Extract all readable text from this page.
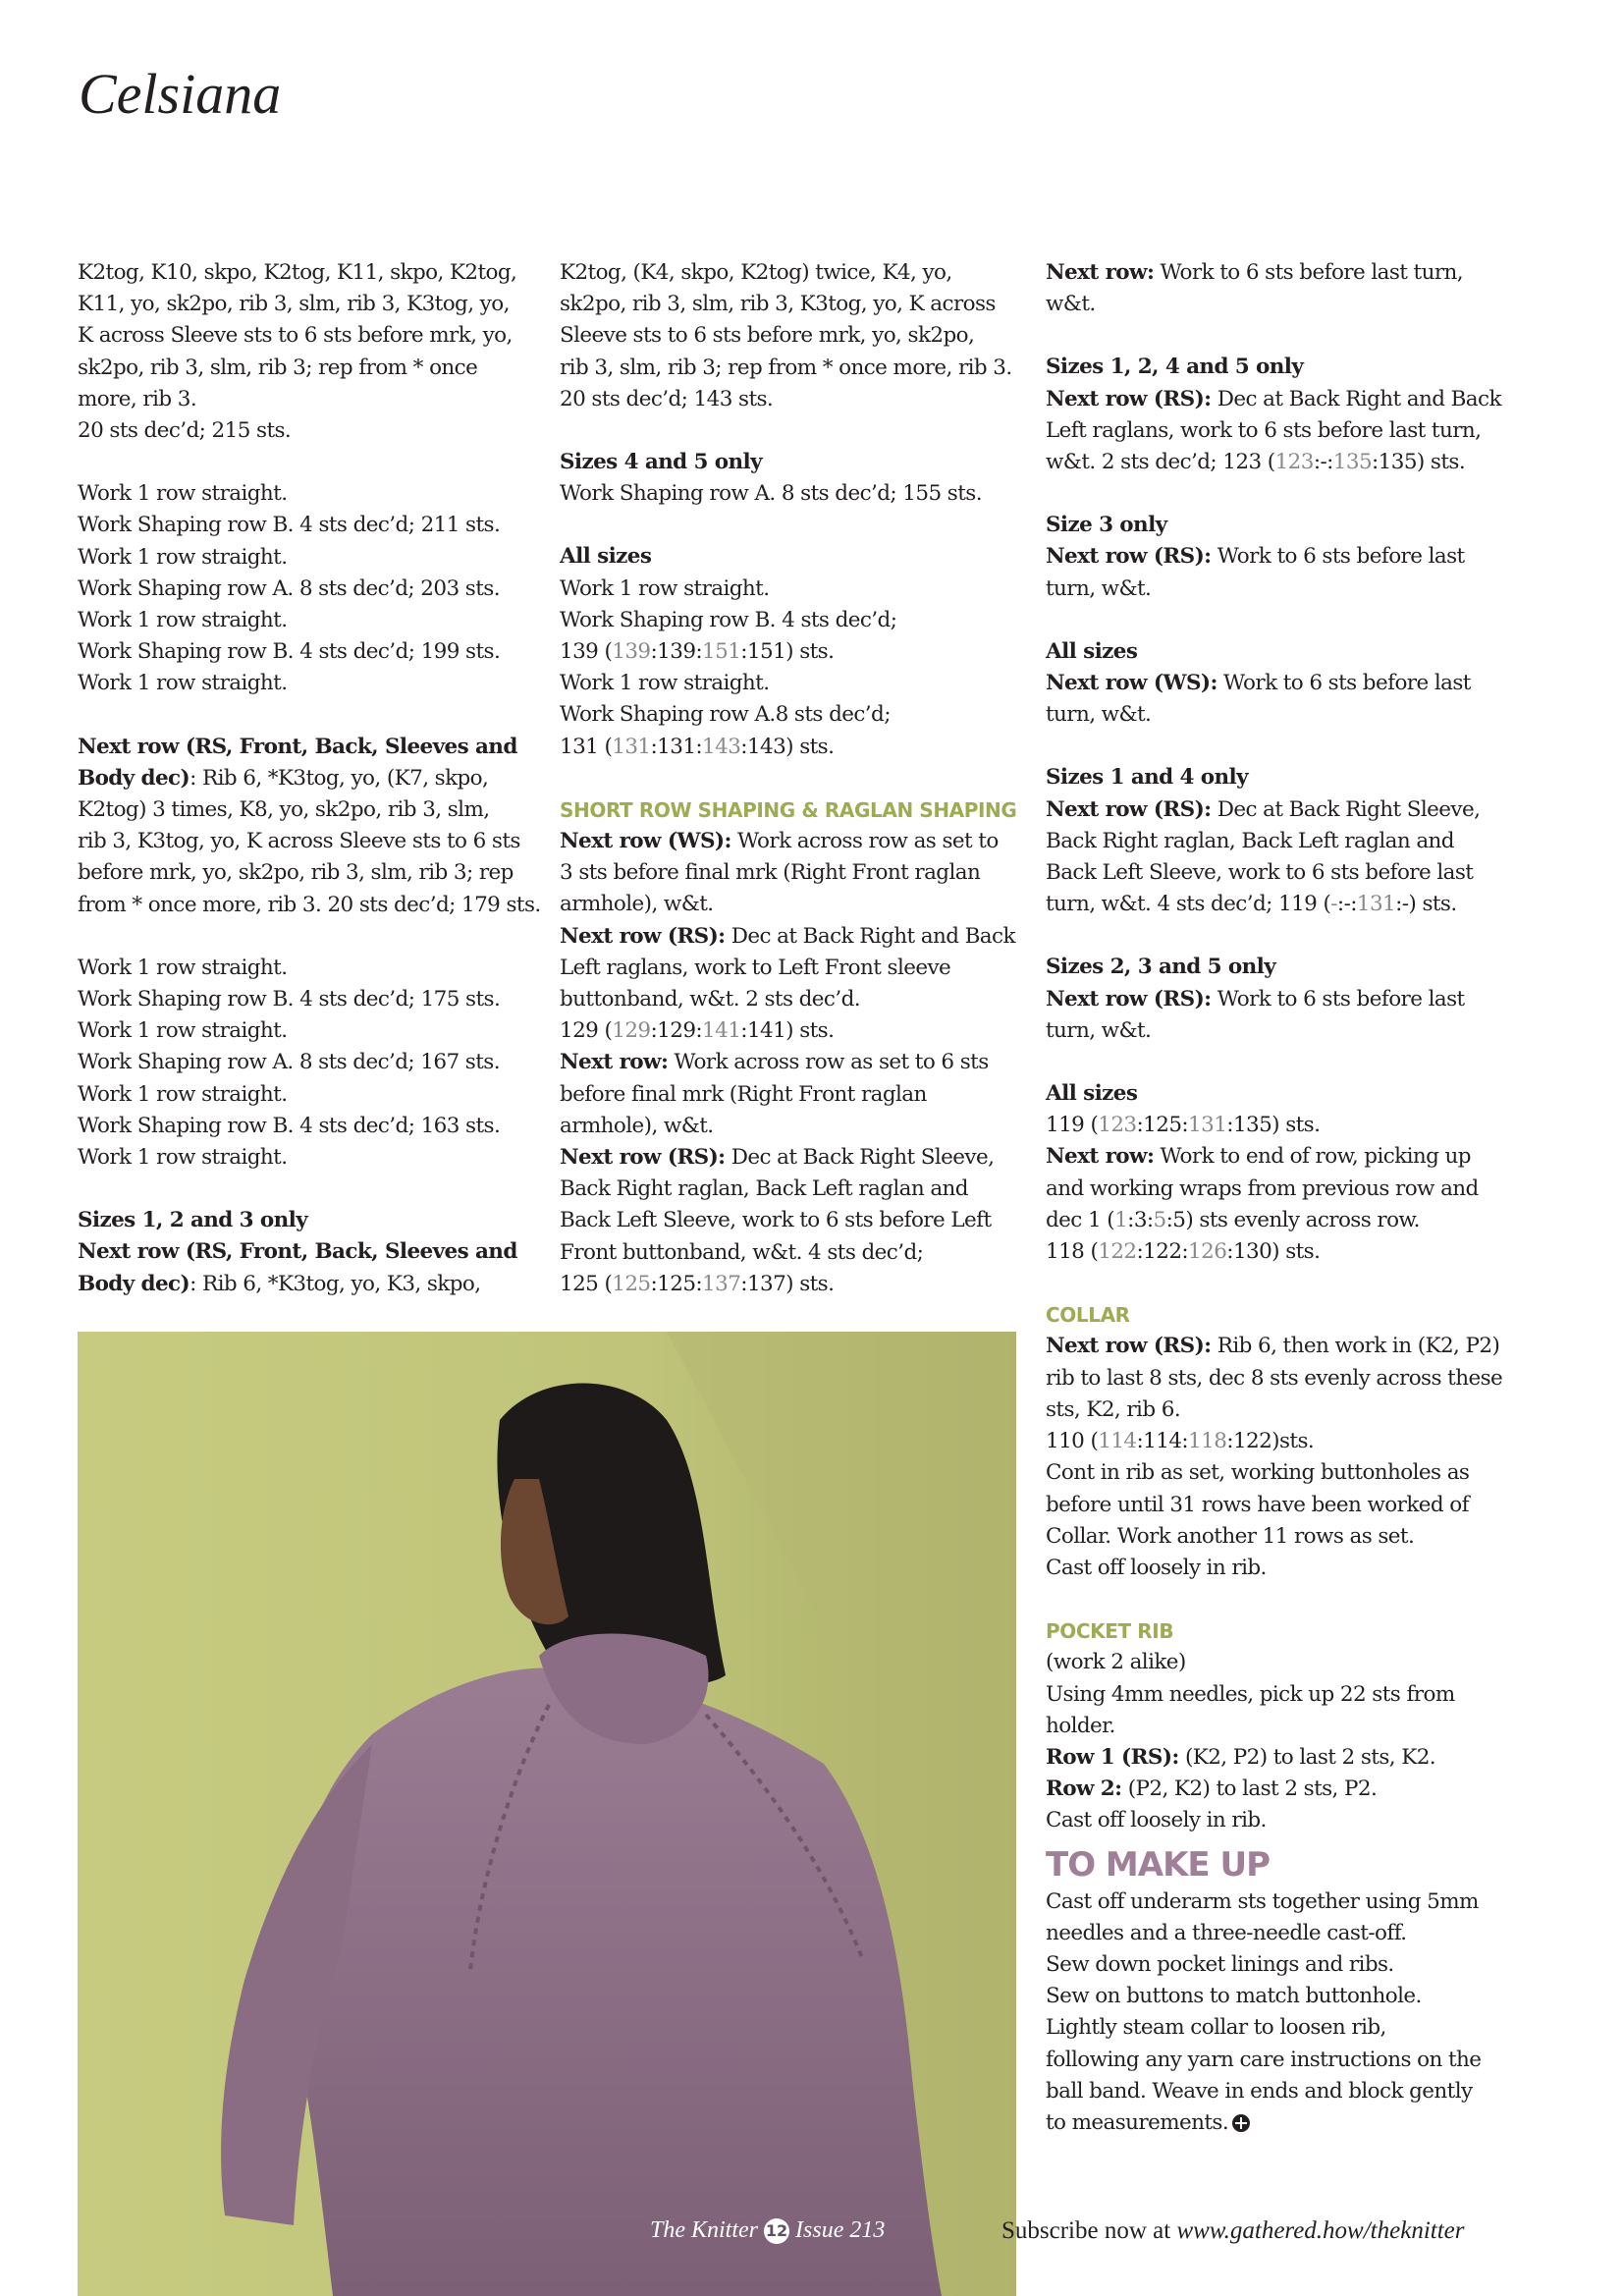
Celsiana
K2tog, K10, skpo, K2tog, K11, skpo, K2tog,
K11, yo, sk2po, rib 3, slm, rib 3, K3tog, yo,
K across Sleeve sts to 6 sts before mrk, yo,
sk2po, rib 3, slm, rib 3; rep from * once
more, rib 3.
20 sts dec’d; 215 sts.
Work 1 row straight.
Work Shaping row B. 4 sts dec’d; 211 sts.
Work 1 row straight.
Work Shaping row A. 8 sts dec’d; 203 sts.
Work 1 row straight.
Work Shaping row B. 4 sts dec’d; 199 sts.
Work 1 row straight.
Next row (RS, Front, Back, Sleeves and
Body dec): Rib 6, *K3tog, yo, (K7, skpo,
K2tog) 3 times, K8, yo, sk2po, rib 3, slm,
rib 3, K3tog, yo, K across Sleeve sts to 6 sts
before mrk, yo, sk2po, rib 3, slm, rib 3; rep
from * once more, rib 3. 20 sts dec’d; 179 sts.
Work 1 row straight.
Work Shaping row B. 4 sts dec’d; 175 sts.
Work 1 row straight.
Work Shaping row A. 8 sts dec’d; 167 sts.
Work 1 row straight.
Work Shaping row B. 4 sts dec’d; 163 sts.
Work 1 row straight.
Sizes 1, 2 and 3 only
Next row (RS, Front, Back, Sleeves and
Body dec): Rib 6, *K3tog, yo, K3, skpo,
K2tog, (K4, skpo, K2tog) twice, K4, yo,
sk2po, rib 3, slm, rib 3, K3tog, yo, K across
Sleeve sts to 6 sts before mrk, yo, sk2po,
rib 3, slm, rib 3; rep from * once more, rib 3.
20 sts dec’d; 143 sts.
Sizes 4 and 5 only
Work Shaping row A. 8 sts dec’d; 155 sts.
All sizes
Work 1 row straight.
Work Shaping row B. 4 sts dec’d;
139 (139:139:151:151) sts.
Work 1 row straight.
Work Shaping row A.8 sts dec’d;
131 (131:131:143:143) sts.
SHORT ROW SHAPING & RAGLAN SHAPING
Next row (WS): Work across row as set to
3 sts before final mrk (Right Front raglan
armhole), w&t.
Next row (RS): Dec at Back Right and Back
Left raglans, work to Left Front sleeve
buttonband, w&t. 2 sts dec’d.
129 (129:129:141:141) sts.
Next row: Work across row as set to 6 sts
before final mrk (Right Front raglan
armhole), w&t.
Next row (RS): Dec at Back Right Sleeve,
Back Right raglan, Back Left raglan and
Back Left Sleeve, work to 6 sts before Left
Front buttonband, w&t. 4 sts dec’d;
125 (125:125:137:137) sts.
Next row: Work to 6 sts before last turn,
w&t.
Sizes 1, 2, 4 and 5 only
Next row (RS): Dec at Back Right and Back
Left raglans, work to 6 sts before last turn,
w&t. 2 sts dec’d; 123 (123:-:135:135) sts.
Size 3 only
Next row (RS): Work to 6 sts before last
turn, w&t.
All sizes
Next row (WS): Work to 6 sts before last
turn, w&t.
Sizes 1 and 4 only
Next row (RS): Dec at Back Right Sleeve,
Back Right raglan, Back Left raglan and
Back Left Sleeve, work to 6 sts before last
turn, w&t. 4 sts dec’d; 119 (-:-:131:-) sts.
Sizes 2, 3 and 5 only
Next row (RS): Work to 6 sts before last
turn, w&t.
All sizes
119 (123:125:131:135) sts.
Next row: Work to end of row, picking up
and working wraps from previous row and
dec 1 (1:3:5:5) sts evenly across row.
118 (122:122:126:130) sts.
COLLAR
Next row (RS): Rib 6, then work in (K2, P2)
rib to last 8 sts, dec 8 sts evenly across these
sts, K2, rib 6.
110 (114:114:118:122)sts.
Cont in rib as set, working buttonholes as
before until 31 rows have been worked of
Collar. Work another 11 rows as set.
Cast off loosely in rib.
POCKET RIB
(work 2 alike)
Using 4mm needles, pick up 22 sts from
holder.
Row 1 (RS): (K2, P2) to last 2 sts, K2.
Row 2: (P2, K2) to last 2 sts, P2.
Cast off loosely in rib.
TO MAKE UP
Cast off underarm sts together using 5mm
needles and a three-needle cast-off.
Sew down pocket linings and ribs.
Sew on buttons to match buttonhole.
Lightly steam collar to loosen rib,
following any yarn care instructions on the
ball band. Weave in ends and block gently
to measurements.
The Knitter 12 Issue 213	Subscribe now at www.gathered.how/theknitter
